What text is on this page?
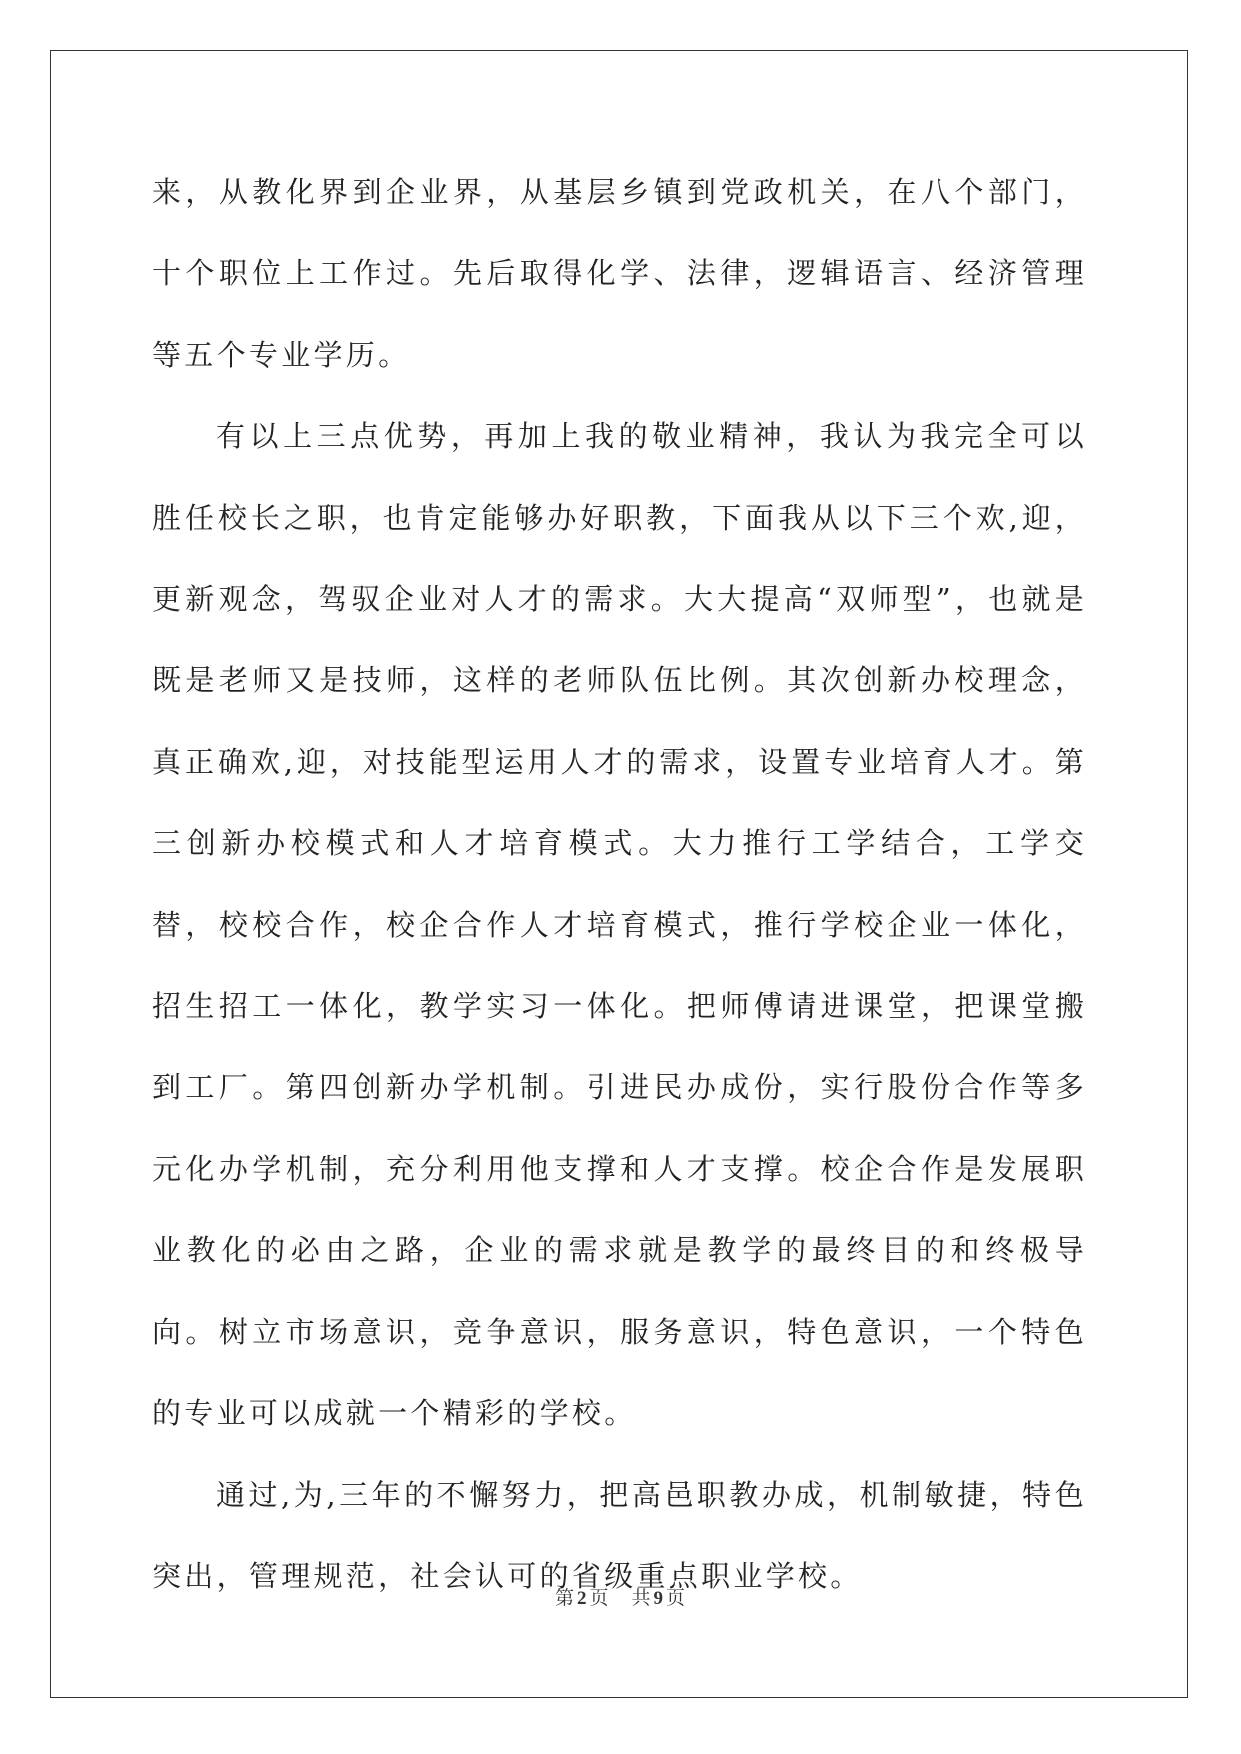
来，从教化界到企业界，从基层乡镇到党政机关，在八个部门，十个职位上工作过。先后取得化学、法律，逻辑语言、经济管理等五个专业学历。

有以上三点优势，再加上我的敬业精神，我认为我完全可以胜任校长之职，也肯定能够办好职教，下面我从以下三个欢,迎，更新观念，驾驭企业对人才的需求。大大提高“双师型”，也就是既是老师又是技师，这样的老师队伍比例。其次创新办校理念，真正确欢,迎，对技能型运用人才的需求，设置专业培育人才。第三创新办校模式和人才培育模式。大力推行工学结合，工学交替，校校合作，校企合作人才培育模式，推行学校企业一体化，招生招工一体化，教学实习一体化。把师傅请进课堂，把课堂搬到工厂。第四创新办学机制。引进民办成份，实行股份合作等多元化办学机制，充分利用他支撑和人才支撑。校企合作是发展职业教化的必由之路，企业的需求就是教学的最终目的和终极导向。树立市场意识，竞争意识，服务意识，特色意识，一个特色的专业可以成就一个精彩的学校。

通过,为,三年的不懈努力，把高邑职教办成，机制敏捷，特色突出，管理规范，社会认可的省级重点职业学校。

第 2 页 共 9 页
